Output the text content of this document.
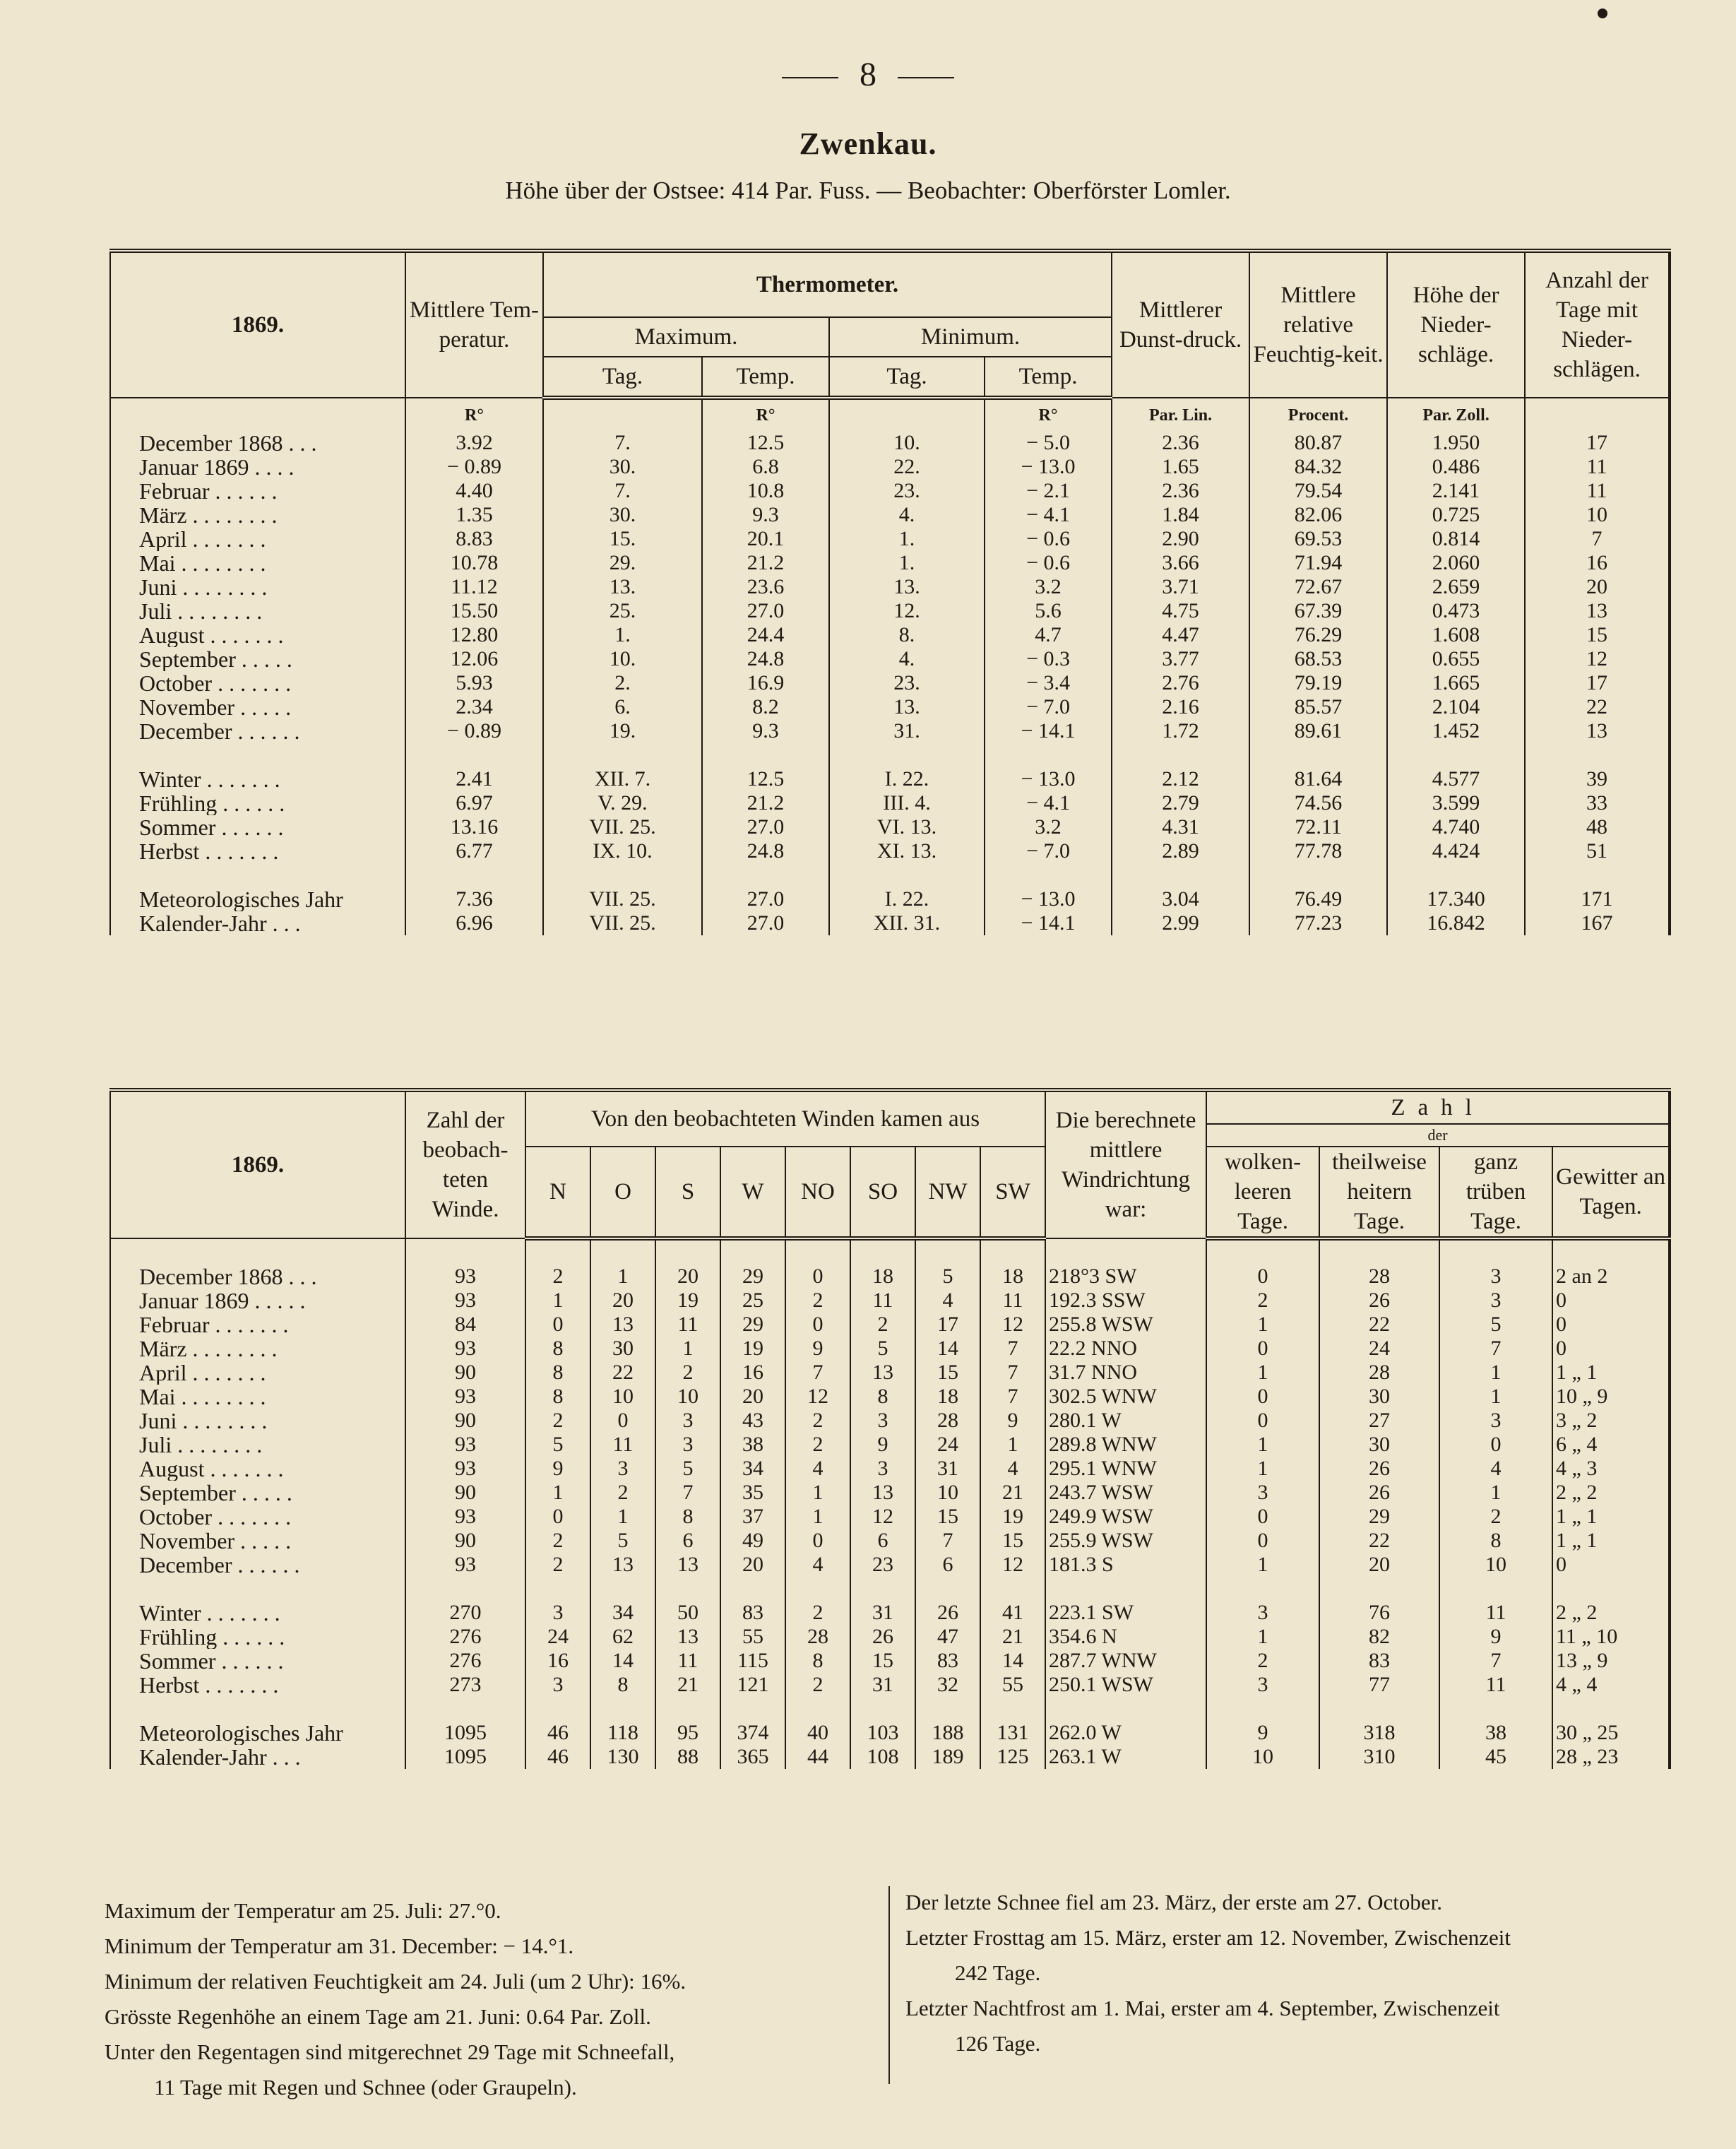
8
Zwenkau.
Höhe über der Ostsee: 414 Par. Fuss. — Beobachter: Oberförster Lomler.
1869.	Mittlere Tem-peratur.	Thermometer.				Mittlerer Dunst-druck.	Mittlere relative Feuchtig-keit.	Höhe der Nieder-schläge.	Anzahl der Tage mit Nieder-schlägen.
		Maximum.		Minimum.					
		Tag.	Temp.	Tag.	Temp.				
	R°		R°		R°	Par. Lin.	Procent.	Par. Zoll.	
December 1868 . . .	3.92	7.	12.5	10.	− 5.0	2.36	80.87	1.950	17
Januar 1869 . . . .	− 0.89	30.	6.8	22.	− 13.0	1.65	84.32	0.486	11
Februar . . . . . .	4.40	7.	10.8	23.	− 2.1	2.36	79.54	2.141	11
März . . . . . . . .	1.35	30.	9.3	4.	− 4.1	1.84	82.06	0.725	10
April . . . . . . .	8.83	15.	20.1	1.	− 0.6	2.90	69.53	0.814	7
Mai . . . . . . . .	10.78	29.	21.2	1.	− 0.6	3.66	71.94	2.060	16
Juni . . . . . . . .	11.12	13.	23.6	13.	3.2	3.71	72.67	2.659	20
Juli . . . . . . . .	15.50	25.	27.0	12.	5.6	4.75	67.39	0.473	13
August . . . . . . .	12.80	1.	24.4	8.	4.7	4.47	76.29	1.608	15
September . . . . .	12.06	10.	24.8	4.	− 0.3	3.77	68.53	0.655	12
October . . . . . . .	5.93	2.	16.9	23.	− 3.4	2.76	79.19	1.665	17
November . . . . .	2.34	6.	8.2	13.	− 7.0	2.16	85.57	2.104	22
December . . . . . .	− 0.89	19.	9.3	31.	− 14.1	1.72	89.61	1.452	13

Winter . . . . . . .	2.41	XII. 7.	12.5	I. 22.	− 13.0	2.12	81.64	4.577	39
Frühling . . . . . .	6.97	V. 29.	21.2	III. 4.	− 4.1	2.79	74.56	3.599	33
Sommer . . . . . .	13.16	VII. 25.	27.0	VI. 13.	3.2	4.31	72.11	4.740	48
Herbst . . . . . . .	6.77	IX. 10.	24.8	XI. 13.	− 7.0	2.89	77.78	4.424	51

Meteorologisches Jahr	7.36	VII. 25.	27.0	I. 22.	− 13.0	3.04	76.49	17.340	171
Kalender-Jahr . . .	6.96	VII. 25.	27.0	XII. 31.	− 14.1	2.99	77.23	16.842	167
1869.	Zahl der beobach-teten Winde.	Von den beobachteten Winden kamen aus								Die berechnete mittlere Windrichtung war:	Zahl			
											der			
		N	O	S	W	NO	SO	NW	SW		wolken-leeren Tage.	theilweise heitern Tage.	ganz trüben Tage.	Gewitter an Tagen.

December 1868 . . .	93	2	1	20	29	0	18	5	18	218°3 SW	0	28	3	2 an 2
Januar 1869 . . . . .	93	1	20	19	25	2	11	4	11	192.3 SSW	2	26	3	0
Februar . . . . . . .	84	0	13	11	29	0	2	17	12	255.8 WSW	1	22	5	0
März . . . . . . . .	93	8	30	1	19	9	5	14	7	22.2 NNO	0	24	7	0
April . . . . . . .	90	8	22	2	16	7	13	15	7	31.7 NNO	1	28	1	1 „ 1
Mai . . . . . . . .	93	8	10	10	20	12	8	18	7	302.5 WNW	0	30	1	10 „ 9
Juni . . . . . . . .	90	2	0	3	43	2	3	28	9	280.1 W	0	27	3	3 „ 2
Juli . . . . . . . .	93	5	11	3	38	2	9	24	1	289.8 WNW	1	30	0	6 „ 4
August . . . . . . .	93	9	3	5	34	4	3	31	4	295.1 WNW	1	26	4	4 „ 3
September . . . . .	90	1	2	7	35	1	13	10	21	243.7 WSW	3	26	1	2 „ 2
October . . . . . . .	93	0	1	8	37	1	12	15	19	249.9 WSW	0	29	2	1 „ 1
November . . . . .	90	2	5	6	49	0	6	7	15	255.9 WSW	0	22	8	1 „ 1
December . . . . . .	93	2	13	13	20	4	23	6	12	181.3 S	1	20	10	0

Winter . . . . . . .	270	3	34	50	83	2	31	26	41	223.1 SW	3	76	11	2 „ 2
Frühling . . . . . .	276	24	62	13	55	28	26	47	21	354.6 N	1	82	9	11 „ 10
Sommer . . . . . .	276	16	14	11	115	8	15	83	14	287.7 WNW	2	83	7	13 „ 9
Herbst . . . . . . .	273	3	8	21	121	2	31	32	55	250.1 WSW	3	77	11	4 „ 4

Meteorologisches Jahr	1095	46	118	95	374	40	103	188	131	262.0 W	9	318	38	30 „ 25
Kalender-Jahr . . .	1095	46	130	88	365	44	108	189	125	263.1 W	10	310	45	28 „ 23
Maximum der Temperatur am 25. Juli: 27.°0.
Minimum der Temperatur am 31. December: − 14.°1.
Minimum der relativen Feuchtigkeit am 24. Juli (um 2 Uhr): 16%.
Grösste Regenhöhe an einem Tage am 21. Juni: 0.64 Par. Zoll.
Unter den Regentagen sind mitgerechnet 29 Tage mit Schneefall,
11 Tage mit Regen und Schnee (oder Graupeln).
Der letzte Schnee fiel am 23. März, der erste am 27. October.
Letzter Frosttag am 15. März, erster am 12. November, Zwischenzeit
242 Tage.
Letzter Nachtfrost am 1. Mai, erster am 4. September, Zwischenzeit
126 Tage.
